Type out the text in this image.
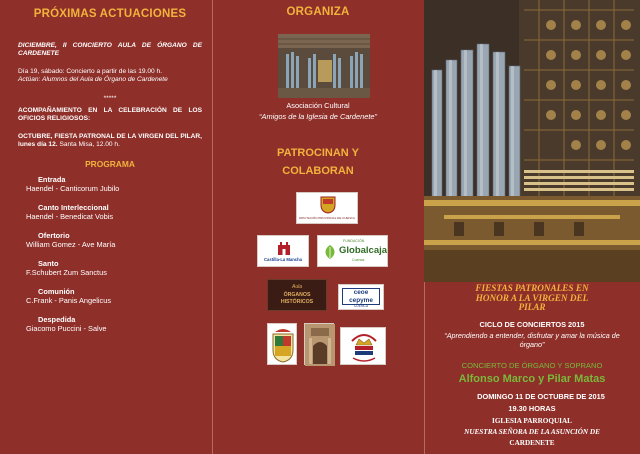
PRÓXIMAS ACTUACIONES
DICIEMBRE, II CONCIERTO AULA DE ÓRGANO DE CARDENETE
Día 19, sábado: Concierto a partir de las 19.00 h.
Actúan: Alumnos del Aula de Órgano de Cardenete
*****
ACOMPAÑAMIENTO EN LA CELEBRACIÓN DE LOS OFICIOS RELIGIOSOS:
OCTUBRE, FIESTA PATRONAL DE LA VIRGEN DEL PILAR, lunes día 12. Santa Misa, 12.00 h.
PROGRAMA
Entrada
Haendel - Canticorum Jubilo
Canto Interleccional
Haendel - Benedicat Vobis
Ofertorio
William Gomez - Ave María
Santo
F.Schubert Zum Sanctus
Comunión
C.Frank - Panis Angelicus
Despedida
Giacomo Puccini - Salve
ORGANIZA
Asociación Cultural
“Amigos de la Iglesia de Cardenete”
PATROCINAN Y
COLABORAN
DIPUTACIÓN PROVINCIAL DE CUENCA
Castilla-La Mancha
FUNDACIÓN
Globalcaja
Cuenca
Aula
ÓRGANOS HISTÓRICOS
ceoe cepyme
CUENCA
FIESTAS PATRONALES EN HONOR A LA VIRGEN DEL PILAR
CICLO DE CONCIERTOS 2015
“Aprendiendo a entender, disfrutar y amar la música de órgano”
CONCIERTO DE ÓRGANO Y SOPRANO
Alfonso Marco y Pilar Matas
DOMINGO 11 DE OCTUBRE DE 2015
19.30 HORAS
IGLESIA PARROQUIAL
NUESTRA SEÑORA DE LA ASUNCIÓN DE
CARDENETE
